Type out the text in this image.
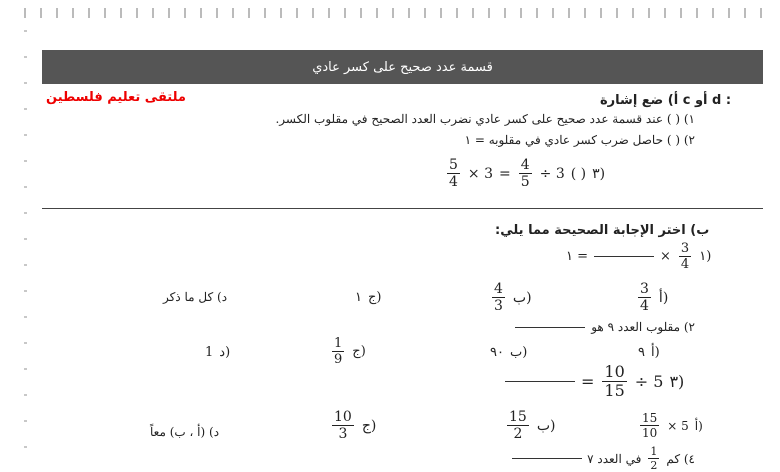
قسمة عدد صحيح على كسر عادي
ملتقى تعليم فلسطين	أ) ضع إشارة c أو d :
١) ( ) عند قسمة عدد صحيح على كسر عادي نضرب العدد الصحيح في مقلوب الكسر.
٢) ( ) حاصل ضرب كسر عادي في مقلوبه = ١
$\frac{5}{4} \times 3 = \frac{4}{5} \div 3$ ( ) ٣)
ب) اختر الإجابة الصحيحة مما يلي:
١ =	× $\frac{3}{4}$ ١)
$\frac{3}{4}$ أ)
$\frac{4}{3}$ ب)
١ ج)
د) كل ما ذكر
٢) مقلوب العدد ٩ هو
٩ أ)
٩٠ ب)
$\frac{1}{9}$ ج)
1 د)
= $\frac{10}{15} \div 5$ ٣)
$\frac{15}{10} \times 5$ أ)
$\frac{15}{2}$ ب)
$\frac{10}{3}$ ج)
د) (أ ، ب) معاً
٤) كم
$\frac{1}{2}$
في العدد ٧
